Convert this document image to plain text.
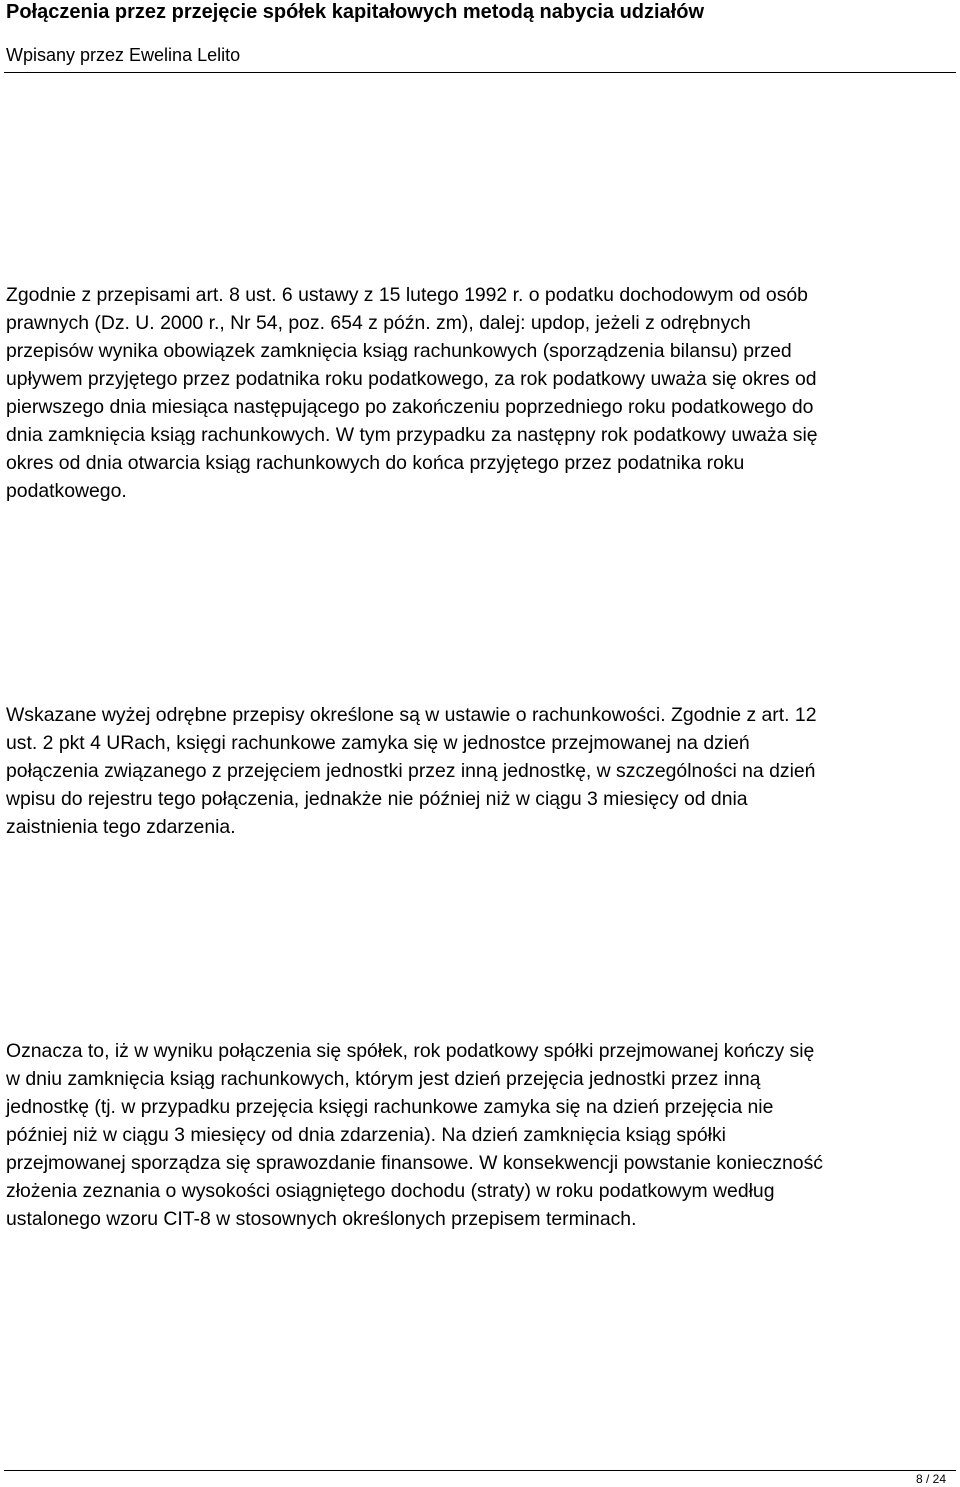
Połączenia przez przejęcie spółek kapitałowych metodą nabycia udziałów

Wpisany przez Ewelina Lelito

Zgodnie z przepisami art. 8 ust. 6 ustawy z 15 lutego 1992 r. o podatku dochodowym od osób
prawnych (Dz. U. 2000 r., Nr 54, poz. 654 z późn. zm), dalej: updop, jeżeli z odrębnych
przepisów wynika obowiązek zamknięcia ksiąg rachunkowych (sporządzenia bilansu) przed
upływem przyjętego przez podatnika roku podatkowego, za rok podatkowy uważa się okres od
pierwszego dnia miesiąca następującego po zakończeniu poprzedniego roku podatkowego do
dnia zamknięcia ksiąg rachunkowych. W tym przypadku za następny rok podatkowy uważa się
okres od dnia otwarcia ksiąg rachunkowych do końca przyjętego przez podatnika roku
podatkowego.

Wskazane wyżej odrębne przepisy określone są w ustawie o rachunkowości. Zgodnie z art. 12
ust. 2 pkt 4 URach, księgi rachunkowe zamyka się w jednostce przejmowanej na dzień
połączenia związanego z przejęciem jednostki przez inną jednostkę, w szczególności na dzień
wpisu do rejestru tego połączenia, jednakże nie później niż w ciągu 3 miesięcy od dnia
zaistnienia tego zdarzenia.

Oznacza to, iż w wyniku połączenia się spółek, rok podatkowy spółki przejmowanej kończy się
w dniu zamknięcia ksiąg rachunkowych, którym jest dzień przejęcia jednostki przez inną
jednostkę (tj. w przypadku przejęcia księgi rachunkowe zamyka się na dzień przejęcia nie
później niż w ciągu 3 miesięcy od dnia zdarzenia). Na dzień zamknięcia ksiąg spółki
przejmowanej sporządza się sprawozdanie finansowe. W konsekwencji powstanie konieczność
złożenia zeznania o wysokości osiągniętego dochodu (straty) w roku podatkowym według
ustalonego wzoru CIT-8 w stosownych określonych przepisem terminach.

8 / 24
